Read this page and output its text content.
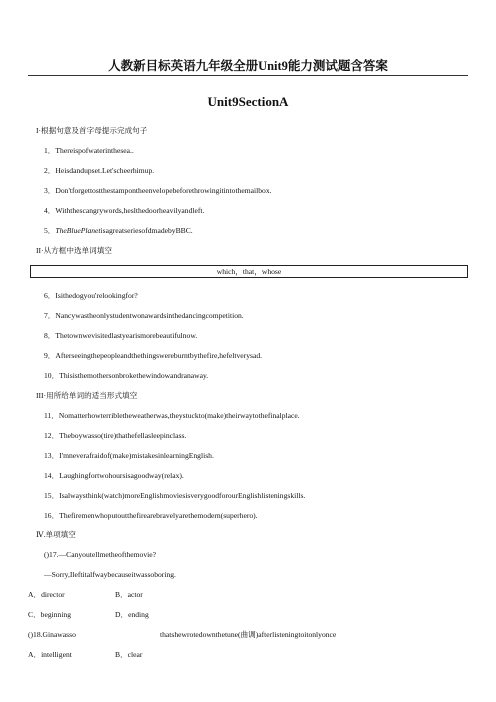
人教新目标英语九年级全册Unit9能力测试题含答案
Unit9SectionA
I·根据句意及首字母提示完成句子
1．Thereispofwaterinthesea..
2．Heisdandupset.Let'scheerhimup.
3．Don'tforgettostthestampontheenvelopebeforethrowingitintothemailbox.
4．Withthescangrywords,heslthedoorheavilyandleft.
5．TheBluePlanetisagreatseriesofdmadebyBBC.
II·从方框中选单词填空
which，that，whose
6．Isithedogyou'relookingfor?
7．Nancywastheonlystudentwonawardsinthedancingcompetition.
8．Thetownwevisitedlastyearismorebeautifulnow.
9．Afterseeingthepeopleandthethingswereburntbythefire,hefeltverysad.
10．Thisisthemothersonbrokethewindowandranaway.
III·用所给单词的适当形式填空
11．Nomatterhowterribletheweatherwas,theystuckto(make)theirwaytothefinalplace.
12．Theboywasso(tire)thathefellasleepinclass.
13．I'mneverafraidof(make)mistakesinlearningEnglish.
14．Laughingfortwohoursisagoodway(relax).
15．Isalwaysthink(watch)moreEnglishmoviesisverygoodforourEnglishlisteningskills.
16．Thefiremenwhoputoutthefirearebravelyarethemodern(superhero).
Ⅳ.单项填空
()17.—Canyoutellmetheofthemovie?
—Sorry,Ileftitalfwaybecauseitwassoboring.
A．director	B．actor
C．beginning	D．ending
()18.Ginawasso	thatshewrotedownthetune(曲调)afterlisteningtoitonlyonce
A．intelligent	B．clear
